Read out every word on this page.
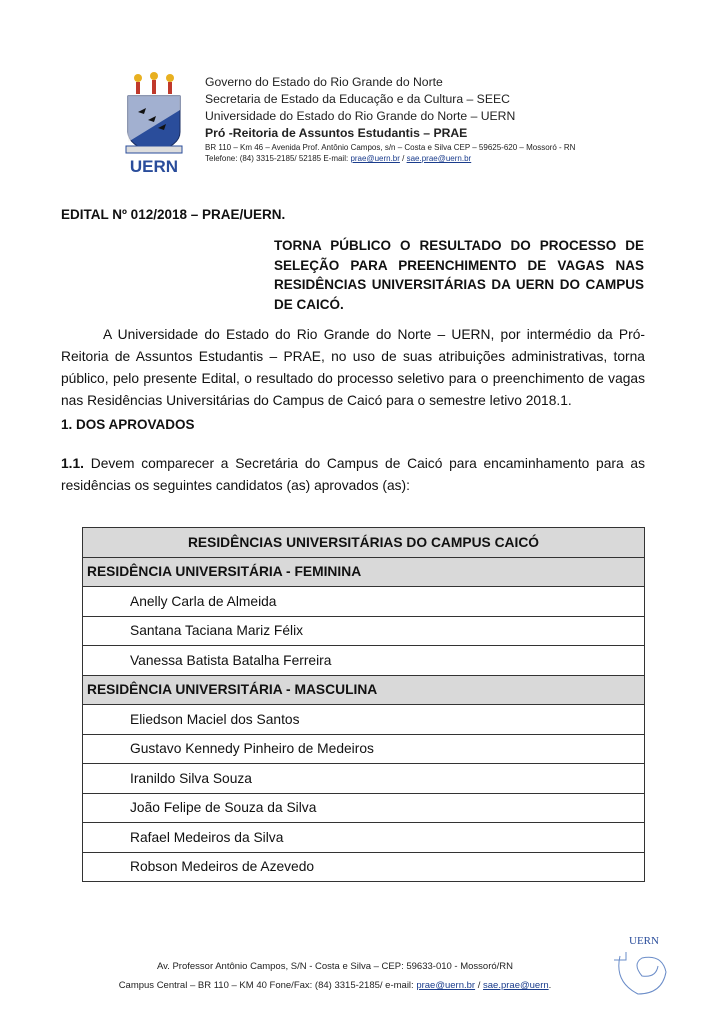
UERN
Governo do Estado do Rio Grande do Norte
Secretaria de Estado da Educação e da Cultura – SEEC
Universidade do Estado do Rio Grande do Norte – UERN
Pró -Reitoria de Assuntos Estudantis – PRAE
BR 110 – Km 46 – Avenida Prof. Antônio Campos, s/n – Costa e Silva CEP – 59625-620 – Mossoró - RN
Telefone: (84) 3315-2185/ 52185 E-mail: prae@uern.br / sae.prae@uern.br
EDITAL Nº 012/2018 – PRAE/UERN.
TORNA PÚBLICO O RESULTADO DO PROCESSO DE SELEÇÃO PARA PREENCHIMENTO DE VAGAS NAS RESIDÊNCIAS UNIVERSITÁRIAS DA UERN DO CAMPUS DE CAICÓ.
A Universidade do Estado do Rio Grande do Norte – UERN, por intermédio da Pró-Reitoria de Assuntos Estudantis – PRAE, no uso de suas atribuições administrativas, torna público, pelo presente Edital, o resultado do processo seletivo para o preenchimento de vagas nas Residências Universitárias do Campus de Caicó para o semestre letivo 2018.1.
1. DOS APROVADOS
1.1. Devem comparecer a Secretária do Campus de Caicó para encaminhamento para as residências os seguintes candidatos (as) aprovados (as):
RESIDÊNCIAS UNIVERSITÁRIAS DO CAMPUS CAICÓ
RESIDÊNCIA UNIVERSITÁRIA - FEMININA
Anelly Carla de Almeida
Santana Taciana Mariz Félix
Vanessa Batista Batalha Ferreira
RESIDÊNCIA UNIVERSITÁRIA - MASCULINA
Eliedson Maciel dos Santos
Gustavo Kennedy Pinheiro de Medeiros
Iranildo Silva Souza
João Felipe de Souza da Silva
Rafael Medeiros da Silva
Robson Medeiros de Azevedo
Av. Professor Antônio Campos, S/N - Costa e Silva – CEP: 59633-010 - Mossoró/RN
Campus Central – BR 110 – KM 40 Fone/Fax: (84) 3315-2185/ e-mail: prae@uern.br / sae.prae@uern.
UERN
